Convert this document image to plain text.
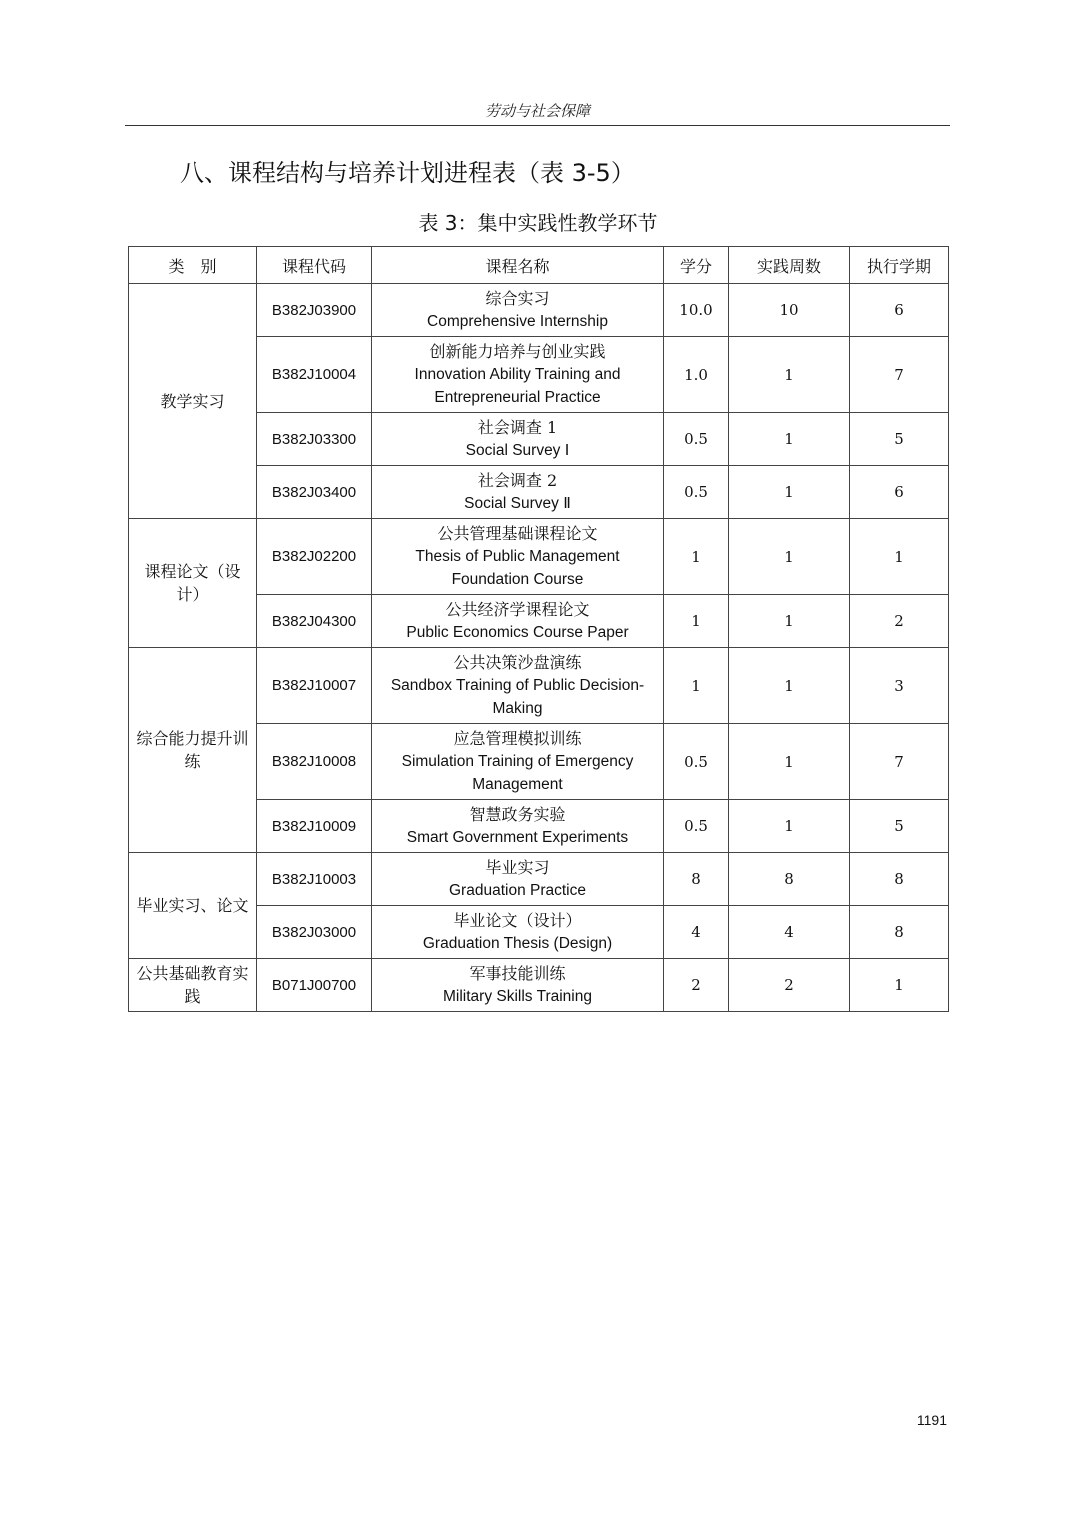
劳动与社会保障
八、课程结构与培养计划进程表（表 3-5）
表 3：集中实践性教学环节
类　别	课程代码	课程名称	学分	实践周数	执行学期
教学实习	B382J03900	综合实习
Comprehensive Internship	10.0	10	6
	B382J10004	创新能力培养与创业实践
Innovation Ability Training and Entrepreneurial Practice	1.0	1	7
	B382J03300	社会调查 1
Social Survey Ⅰ	0.5	1	5
	B382J03400	社会调查 2
Social Survey Ⅱ	0.5	1	6
课程论文（设计）	B382J02200	公共管理基础课程论文
Thesis of Public Management Foundation Course	1	1	1
	B382J04300	公共经济学课程论文
Public Economics Course Paper	1	1	2
综合能力提升训练	B382J10007	公共决策沙盘演练
Sandbox Training of Public Decision-Making	1	1	3
	B382J10008	应急管理模拟训练
Simulation Training of Emergency Management	0.5	1	7
	B382J10009	智慧政务实验
Smart Government Experiments	0.5	1	5
毕业实习、论文	B382J10003	毕业实习
Graduation Practice	8	8	8
	B382J03000	毕业论文（设计）
Graduation Thesis (Design)	4	4	8
公共基础教育实践	B071J00700	军事技能训练
Military Skills Training	2	2	1
1191
